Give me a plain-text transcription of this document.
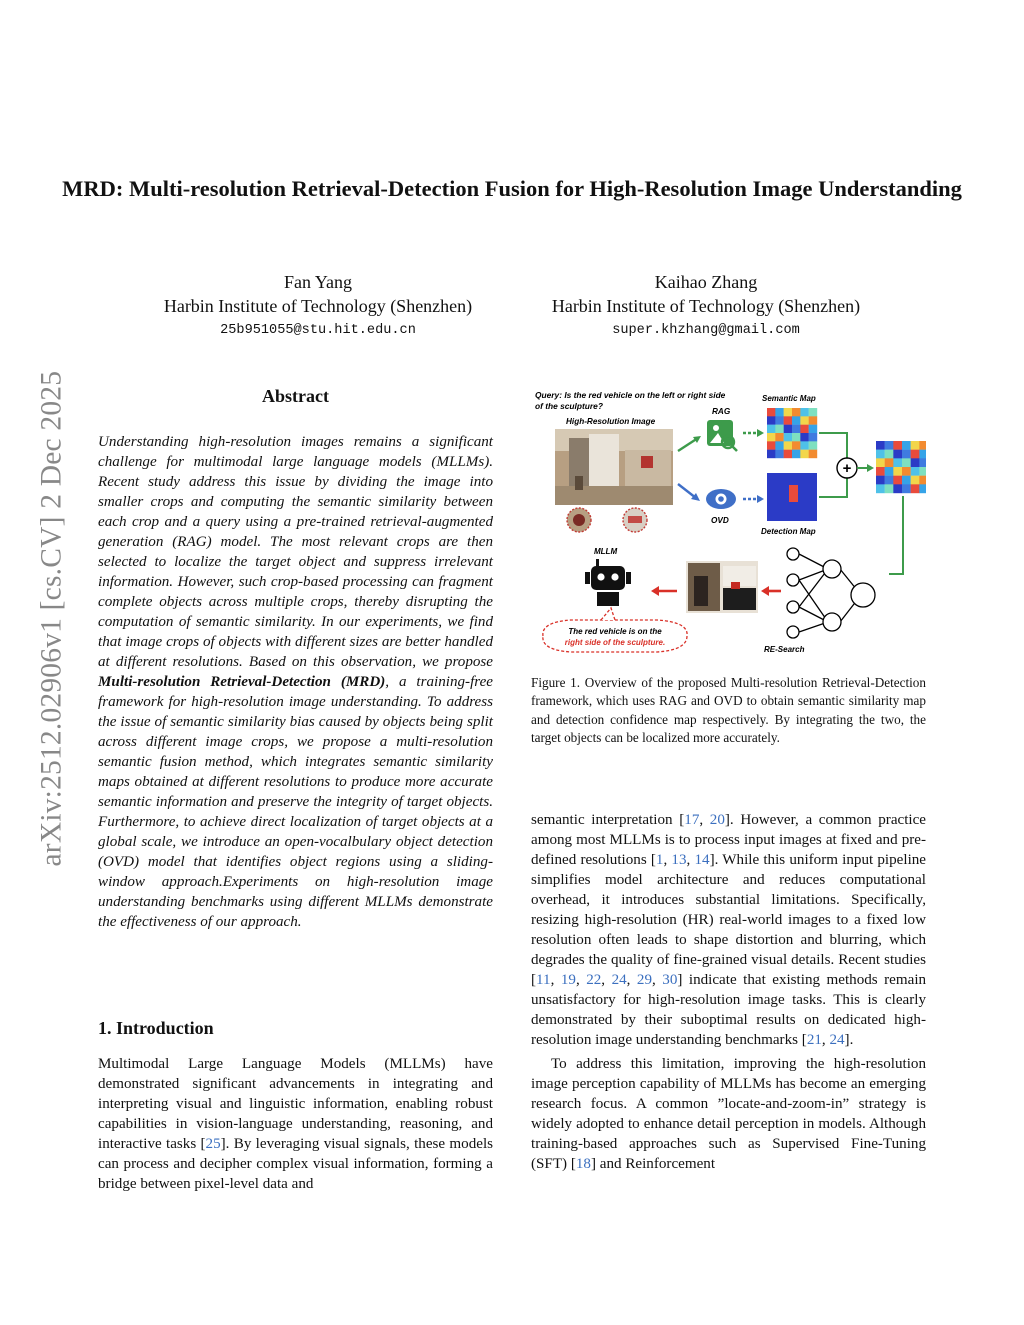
arXiv:2512.02906v1 [cs.CV] 2 Dec 2025
MRD: Multi-resolution Retrieval-Detection Fusion for High-Resolution Image Understanding
Fan Yang
Harbin Institute of Technology (Shenzhen)
25b951055@stu.hit.edu.cn
Kaihao Zhang
Harbin Institute of Technology (Shenzhen)
super.khzhang@gmail.com
Abstract
Understanding high-resolution images remains a significant challenge for multimodal large language models (MLLMs). Recent study address this issue by dividing the image into smaller crops and computing the semantic similarity between each crop and a query using a pre-trained retrieval-augmented generation (RAG) model. The most relevant crops are then selected to localize the target object and suppress irrelevant information. However, such crop-based processing can fragment complete objects across multiple crops, thereby disrupting the computation of semantic similarity. In our experiments, we find that image crops of objects with different sizes are better handled at different resolutions. Based on this observation, we propose Multi-resolution Retrieval-Detection (MRD), a training-free framework for high-resolution image understanding. To address the issue of semantic similarity bias caused by objects being split across different image crops, we propose a multi-resolution semantic fusion method, which integrates semantic similarity maps obtained at different resolutions to produce more accurate semantic information and preserve the integrity of target objects. Furthermore, to achieve direct localization of target objects at a global scale, we introduce an open-vocalbulary object detection (OVD) model that identifies object regions using a sliding-window approach.Experiments on high-resolution image understanding benchmarks using different MLLMs demonstrate the effectiveness of our approach.
1. Introduction
Multimodal Large Language Models (MLLMs) have demonstrated significant advancements in integrating and interpreting visual and linguistic information, enabling robust capabilities in vision-language understanding, reasoning, and interactive tasks [25]. By leveraging visual signals, these models can process and decipher complex visual information, forming a bridge between pixel-level data and
Query: Is the red vehicle on the left or right side
of the sculpture?
High-Resolution Image
RAG
OVD
Semantic Map
Detection Map
+
RE-Search
MLLM
The red vehicle is on the
right side of the sculpture.
Figure 1. Overview of the proposed Multi-resolution Retrieval-Detection framework, which uses RAG and OVD to obtain semantic similarity map and detection confidence map respectively. By integrating the two, the target objects can be localized more accurately.

semantic interpretation [17, 20]. However, a common practice among most MLLMs is to process input images at fixed and pre-defined resolutions [1, 13, 14]. While this uniform input pipeline simplifies model architecture and reduces computational overhead, it introduces substantial limitations. Specifically, resizing high-resolution (HR) real-world images to a fixed low resolution often leads to shape distortion and blurring, which degrades the quality of fine-grained visual details. Recent studies [11, 19, 22, 24, 29, 30] indicate that existing methods remain unsatisfactory for high-resolution image tasks. This is clearly demonstrated by their suboptimal results on dedicated high-resolution image understanding benchmarks [21, 24].

To address this limitation, improving the high-resolution image perception capability of MLLMs has become an emerging research focus. A common ”locate-and-zoom-in” strategy is widely adopted to enhance detail perception in models. Although training-based approaches such as Supervised Fine-Tuning (SFT) [18] and Reinforcement
